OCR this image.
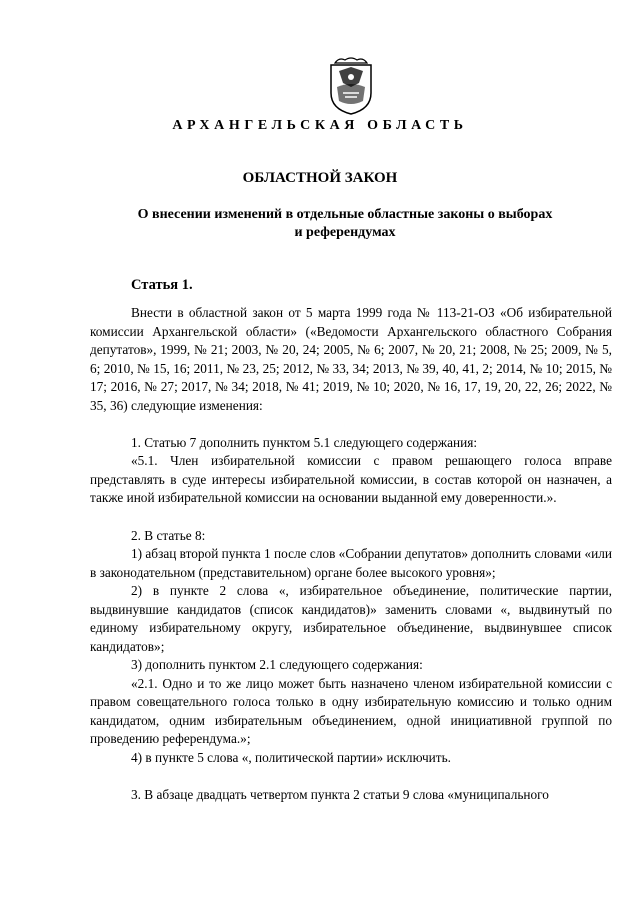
АРХАНГЕЛЬСКАЯ ОБЛАСТЬ
ОБЛАСТНОЙ ЗАКОН
О внесении изменений в отдельные областные законы о выборах
и референдумах
Статья 1.

Внести в областной закон от 5 марта 1999 года № 113-21-ОЗ «Об избирательной комиссии Архангельской области» («Ведомости Архангельского областного Собрания депутатов», 1999, № 21; 2003, № 20, 24; 2005, № 6; 2007, № 20, 21; 2008, № 25; 2009, № 5, 6; 2010, № 15, 16; 2011, № 23, 25; 2012, № 33, 34; 2013, № 39, 40, 41, 2; 2014, № 10; 2015, № 17; 2016, № 27; 2017, № 34; 2018, № 41; 2019, № 10; 2020, № 16, 17, 19, 20, 22, 26; 2022, № 35, 36) следующие изменения:

1. Статью 7 дополнить пунктом 5.1 следующего содержания:

«5.1. Член избирательной комиссии с правом решающего голоса вправе представлять в суде интересы избирательной комиссии, в состав которой он назначен, а также иной избирательной комиссии на основании выданной ему доверенности.».

2. В статье 8:

1) абзац второй пункта 1 после слов «Собрании депутатов» дополнить словами «или в законодательном (представительном) органе более высокого уровня»;

2) в пункте 2 слова «, избирательное объединение, политические партии, выдвинувшие кандидатов (список кандидатов)» заменить словами «, выдвинутый по единому избирательному округу, избирательное объединение, выдвинувшее список кандидатов»;

3) дополнить пунктом 2.1 следующего содержания:

«2.1. Одно и то же лицо может быть назначено членом избирательной комиссии с правом совещательного голоса только в одну избирательную комиссию и только одним кандидатом, одним избирательным объединением, одной инициативной группой по проведению референдума.»;

4) в пункте 5 слова «, политической партии» исключить.

3. В абзаце двадцать четвертом пункта 2 статьи 9 слова «муниципального
